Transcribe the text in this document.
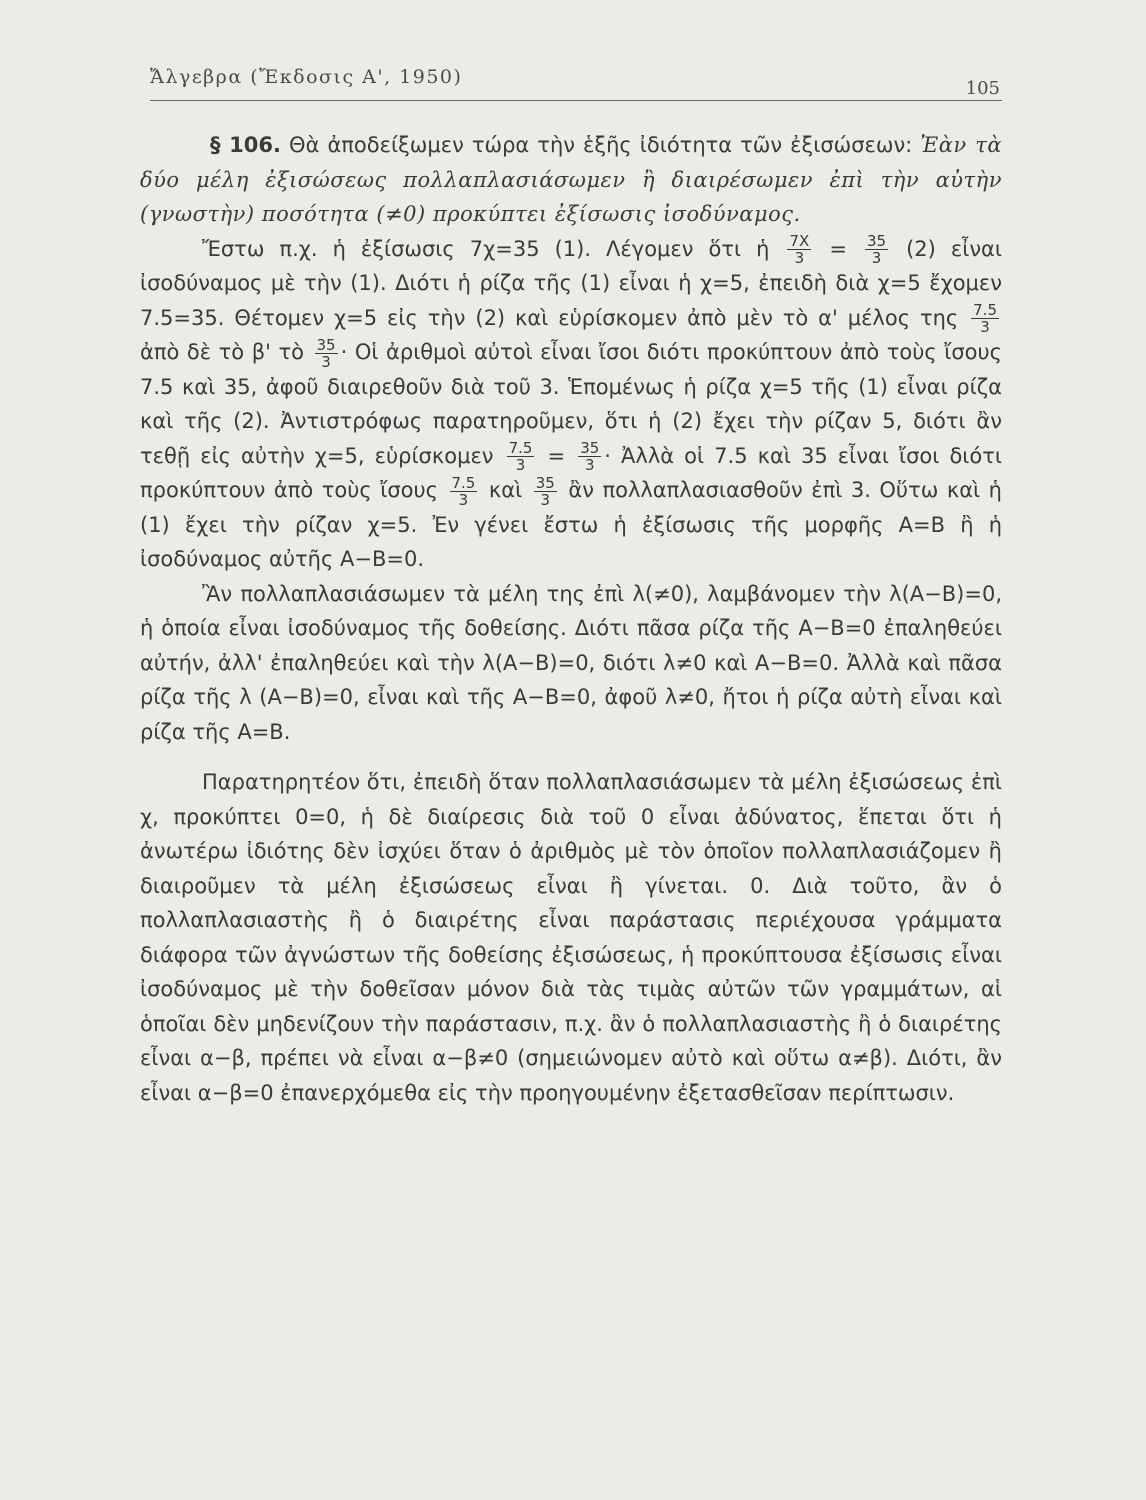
Ἄλγεβρα (Ἔκδοσις Α', 1950)
105

§ 106. Θὰ ἀποδείξωμεν τώρα τὴν ἑξῆς ἰδιότητα τῶν ἐξισώσεων: Ἐὰν τὰ δύο μέλη ἐξισώσεως πολλαπλασιάσωμεν ἢ διαιρέσωμεν ἐπὶ τὴν αὐτὴν (γνωστὴν) ποσότητα (≠0) προκύπτει ἐξίσωσις ἰσοδύναμος.

Ἔστω π.χ. ἡ ἐξίσωσις 7χ=35 (1). Λέγομεν ὅτι ἡ $\frac{7X}{3} = \frac{35}{3} (2)$ εἶναι ἰσοδύναμος μὲ τὴν (1). Διότι ἡ ρίζα τῆς (1) εἶναι ἡ χ=5, ἐπειδὴ διὰ χ=5 ἔχομεν 7.5=35. Θέτομεν χ=5 εἰς τὴν (2) καὶ εὑρίσκομεν ἀπὸ μὲν τὸ α' μέλος της $\frac{7.5}{3}$
ἀπὸ δὲ τὸ β' τὸ $\frac{35}{3}$ · Οἱ ἀριθμοὶ αὐτοὶ εἶναι ἴσοι διότι προκύπτουν ἀπὸ τοὺς ἴσους 7.5 καὶ 35, ἀφοῦ διαιρεθοῦν διὰ τοῦ 3. Ἑπομένως ἡ ρίζα χ=5 τῆς (1) εἶναι ρίζα καὶ τῆς (2). Ἀντιστρόφως παρατηροῦμεν, ὅτι ἡ (2) ἔχει τὴν ρίζαν 5, διότι ἂν τεθῇ εἰς αὐτὴν χ=5, εὑρίσκομεν $\frac{7.5}{3} = \frac{35}{3}$ · Ἀλλὰ οἱ 7.5 καὶ 35 εἶναι ἴσοι διότι προκύπτουν ἀπὸ τοὺς ἴσους $\frac{7.5}{3}$ καὶ $\frac{35}{3}$ ἂν πολλαπλασιασθοῦν ἐπὶ 3. Οὕτω καὶ ἡ (1) ἔχει τὴν ρίζαν χ=5. Ἐν γένει ἔστω ἡ ἐξίσωσις τῆς μορφῆς A=B ἢ ἡ ἰσοδύναμος αὐτῆς A−B=0.

Ἂν πολλαπλασιάσωμεν τὰ μέλη της ἐπὶ λ(≠0), λαμβάνομεν τὴν λ(A−B)=0, ἡ ὁποία εἶναι ἰσοδύναμος τῆς δοθείσης. Διότι πᾶσα ρίζα τῆς A−B=0 ἐπαληθεύει αὐτήν, ἀλλ' ἐπαληθεύει καὶ τὴν λ(A−B)=0, διότι λ≠0 καὶ A−B=0. Ἀλλὰ καὶ πᾶσα ρίζα τῆς λ (A−B)=0, εἶναι καὶ τῆς A−B=0, ἀφοῦ λ≠0, ἤτοι ἡ ρίζα αὐτὴ εἶναι καὶ ρίζα τῆς A=B.

Παρατηρητέον ὅτι, ἐπειδὴ ὅταν πολλαπλασιάσωμεν τὰ μέλη ἐξισώσεως ἐπὶ χ, προκύπτει 0=0, ἡ δὲ διαίρεσις διὰ τοῦ 0 εἶναι ἀδύνατος, ἕπεται ὅτι ἡ ἀνωτέρω ἰδιότης δὲν ἰσχύει ὅταν ὁ ἀριθμὸς μὲ τὸν ὁποῖον πολλαπλασιάζομεν ἢ διαιροῦμεν τὰ μέλη ἐξισώσεως εἶναι ἢ γίνεται. 0. Διὰ τοῦτο, ἂν ὁ πολλαπλασιαστὴς ἢ ὁ διαιρέτης εἶναι παράστασις περιέχουσα γράμματα διάφορα τῶν ἀγνώστων τῆς δοθείσης ἐξισώσεως, ἡ προκύπτουσα ἐξίσωσις εἶναι ἰσοδύναμος μὲ τὴν δοθεῖσαν μόνον διὰ τὰς τιμὰς αὐτῶν τῶν γραμμάτων, αἱ ὁποῖαι δὲν μηδενίζουν τὴν παράστασιν, π.χ. ἂν ὁ πολλαπλασιαστὴς ἢ ὁ διαιρέτης εἶναι α−β, πρέπει νὰ εἶναι α−β≠0 (σημειώνομεν αὐτὸ καὶ οὕτω α≠β). Διότι, ἂν εἶναι α−β=0 ἐπανερχόμεθα εἰς τὴν προηγουμένην ἐξετασθεῖσαν περίπτωσιν.
